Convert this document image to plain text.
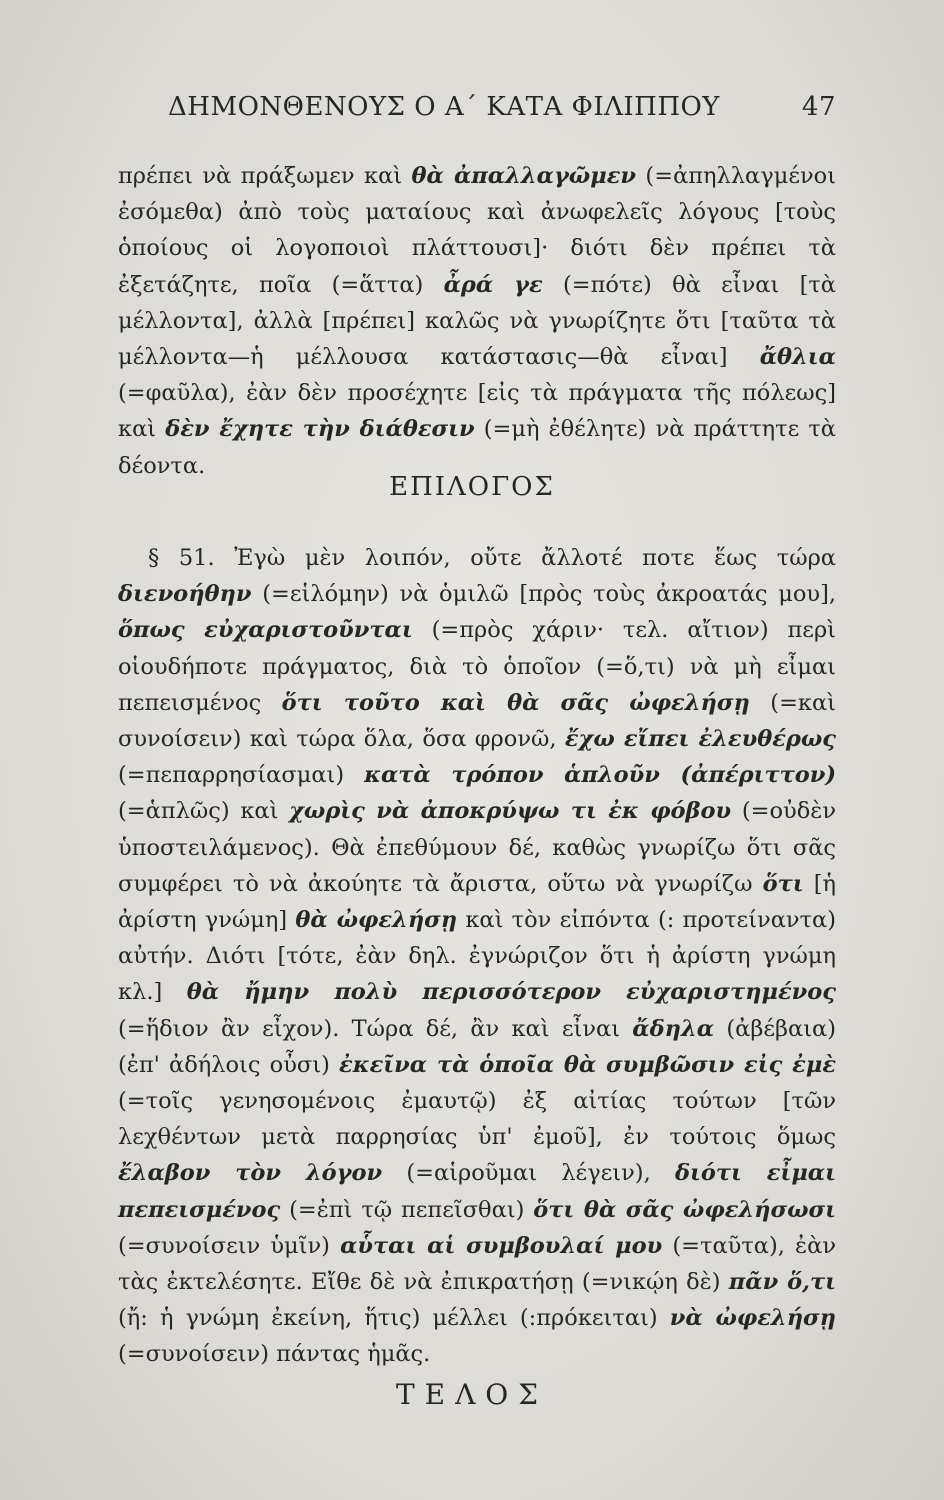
ΔΗΜΟΝΘΕΝΟΥΣ Ο Α΄ ΚΑΤΑ ΦΙΛΙΠΠΟΥ	47

πρέπει νὰ πράξωμεν καὶ θὰ ἀπαλλαγῶμεν (=ἀπηλλαγμένοι ἐσόμεθα) ἀπὸ τοὺς ματαίους καὶ ἀνωφελεῖς λόγους [τοὺς ὁποίους οἱ λογοποιοὶ πλάττουσι]· διότι δὲν πρέπει τὰ ἐξετάζητε, ποῖα (=ἅττα) ἆρά γε (=πότε) θὰ εἶναι [τὰ μέλλοντα], ἀλλὰ [πρέπει] καλῶς νὰ γνωρίζητε ὅτι [ταῦτα τὰ μέλλοντα—ἡ μέλλουσα κατάστασις—θὰ εἶναι] ἄθλια (=φαῦλα), ἐὰν δὲν προσέχητε [εἰς τὰ πράγματα τῆς πόλεως] καὶ δὲν ἔχητε τὴν διάθεσιν (=μὴ ἐθέλητε) νὰ πράττητε τὰ δέοντα.

ΕΠΙΛΟΓΟΣ

§ 51. Ἐγὼ μὲν λοιπόν, οὔτε ἄλλοτέ ποτε ἕως τώρα διενοήθην (=εἱλόμην) νὰ ὁμιλῶ [πρὸς τοὺς ἀκροατάς μου], ὅπως εὐχαριστοῦνται (=πρὸς χάριν· τελ. αἴτιον) περὶ οἱουδήποτε πράγματος, διὰ τὸ ὁποῖον (=ὅ,τι) νὰ μὴ εἶμαι πεπεισμένος ὅτι τοῦτο καὶ θὰ σᾶς ὠφελήσῃ (=καὶ συνοίσειν) καὶ τώρα ὅλα, ὅσα φρονῶ, ἔχω εἴπει ἐλευθέρως (=πεπαρρησίασμαι) κατὰ τρόπον ἁπλοῦν (ἀπέριττον) (=ἁπλῶς) καὶ χωρὶς νὰ ἀποκρύψω τι ἐκ φόβου (=οὐδὲν ὑποστειλάμενος). Θὰ ἐπεθύμουν δέ, καθὼς γνωρίζω ὅτι σᾶς συμφέρει τὸ νὰ ἀκούητε τὰ ἄριστα, οὕτω νὰ γνωρίζω ὅτι [ἡ ἀρίστη γνώμη] θὰ ὠφελήσῃ καὶ τὸν εἰπόντα (: προτείναντα) αὐτήν. Διότι [τότε, ἐὰν δηλ. ἐγνώριζον ὅτι ἡ ἀρίστη γνώμη κλ.] θὰ ἤμην πολὺ περισσότερον εὐχαριστημένος (=ἥδιον ἂν εἶχον). Τώρα δέ, ἂν καὶ εἶναι ἄδηλα (ἀβέβαια) (ἐπ' ἀδήλοις οὖσι) ἐκεῖνα τὰ ὁποῖα θὰ συμβῶσιν εἰς ἐμὲ (=τοῖς γενησομένοις ἐμαυτῷ) ἐξ αἰτίας τούτων [τῶν λεχθέντων μετὰ παρρησίας ὑπ' ἐμοῦ], ἐν τούτοις ὅμως ἔλαβον τὸν λόγον (=αἱροῦμαι λέγειν), διότι εἶμαι πεπεισμένος (=ἐπὶ τῷ πεπεῖσθαι) ὅτι θὰ σᾶς ὠφελήσωσι (=συνοίσειν ὑμῖν) αὗται αἱ συμβουλαί μου (=ταῦτα), ἐὰν τὰς ἐκτελέσητε. Εἴθε δὲ νὰ ἐπικρατήσῃ (=νικῴη δὲ) πᾶν ὅ,τι (ἤ: ἡ γνώμη ἐκείνη, ἥτις) μέλλει (:πρόκειται) νὰ ὠφελήσῃ (=συνοίσειν) πάντας ἡμᾶς.

ΤΕΛΟΣ
